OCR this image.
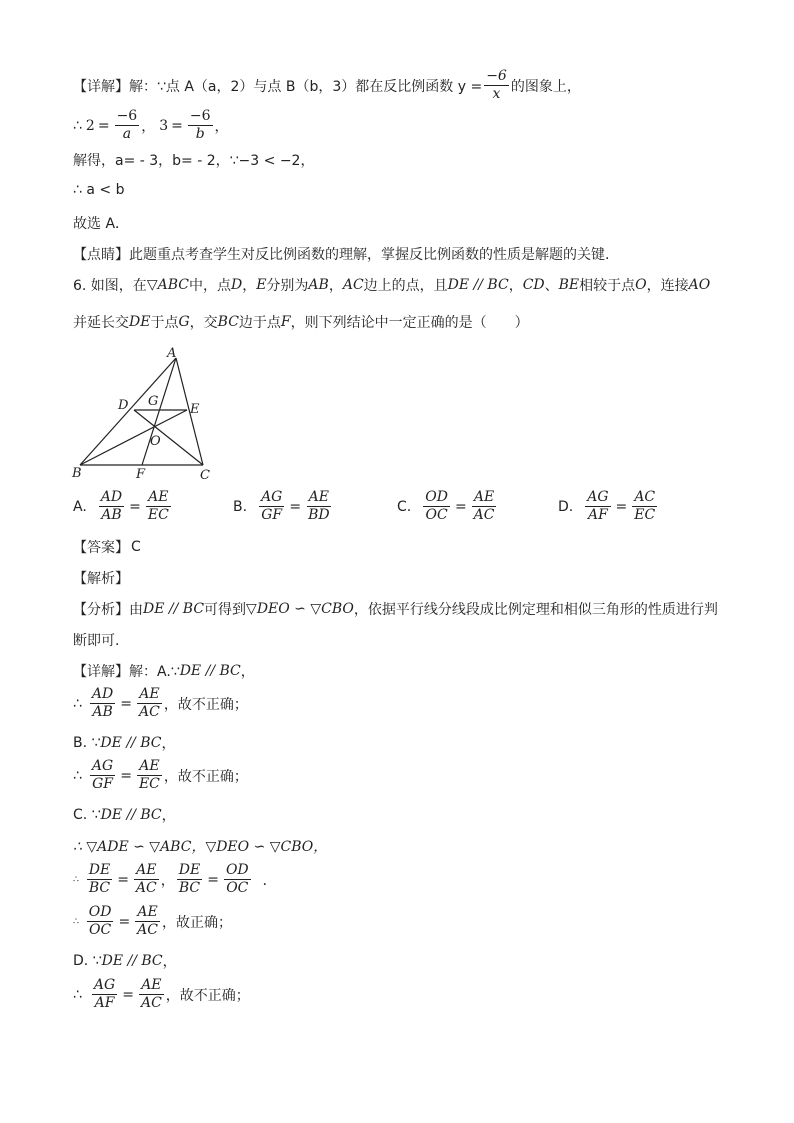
【详解】 解：∵点 A（a，2）与点 B（b，3）都在反比例函数 $y = \frac{-6}{x}$ 的图象上，
∴ $2 = \frac{-6}{a}$ ， $3 = \frac{-6}{b}$ ，
解得，a= - 3，b= - 2，∵−3 < −2，
∴ a < b
故选 A．
【点睛】 此题重点考查学生对反比例函数的理解，掌握反比例函数的性质是解题的关键.
6. 如图，在 ▽ABC 中，点 D ， E 分别为 AB ， AC 边上的点，且 DE // BC ， CD 、 BE 相较于点 O ，连接 AO
并延长交 DE 于点 G ，交 BC 边于点 F ，则下列结论中一定正确的是（　　）
A
B	C
D	E
F
G
O
A. $\frac{AD}{AB} = \frac{AE}{EC}$	B. $\frac{AG}{GF} = \frac{AE}{BD}$	C. $\frac{OD}{OC} = \frac{AE}{AC}$	D. $\frac{AG}{AF} = \frac{AC}{EC}$
【答案】 C
【解析】
【分析】 由 DE // BC 可得到 ▽DEO ∽ ▽CBO ，依据平行线分线段成比例定理和相似三角形的性质进行判
断即可.
【详解】 解：A.∵ DE // BC ，
∴ $\frac{AD}{AB} = \frac{AE}{AC}$ ，故不正确；
B. ∵ DE // BC ，
∴ $\frac{AG}{GF} = \frac{AE}{EC}$ ，故不正确；
C. ∵ DE // BC ，
∴ ▽ADE ∽ ▽ABC，▽DEO ∽ ▽CBO，
∴ $\frac{DE}{BC} = \frac{AE}{AC}$ ， $\frac{DE}{BC} = \frac{OD}{OC}$ ．
∴ $\frac{OD}{OC} = \frac{AE}{AC}$ ，故正确；
D. ∵ DE // BC ，
∴ $\frac{AG}{AF} = \frac{AE}{AC}$ ，故不正确；
